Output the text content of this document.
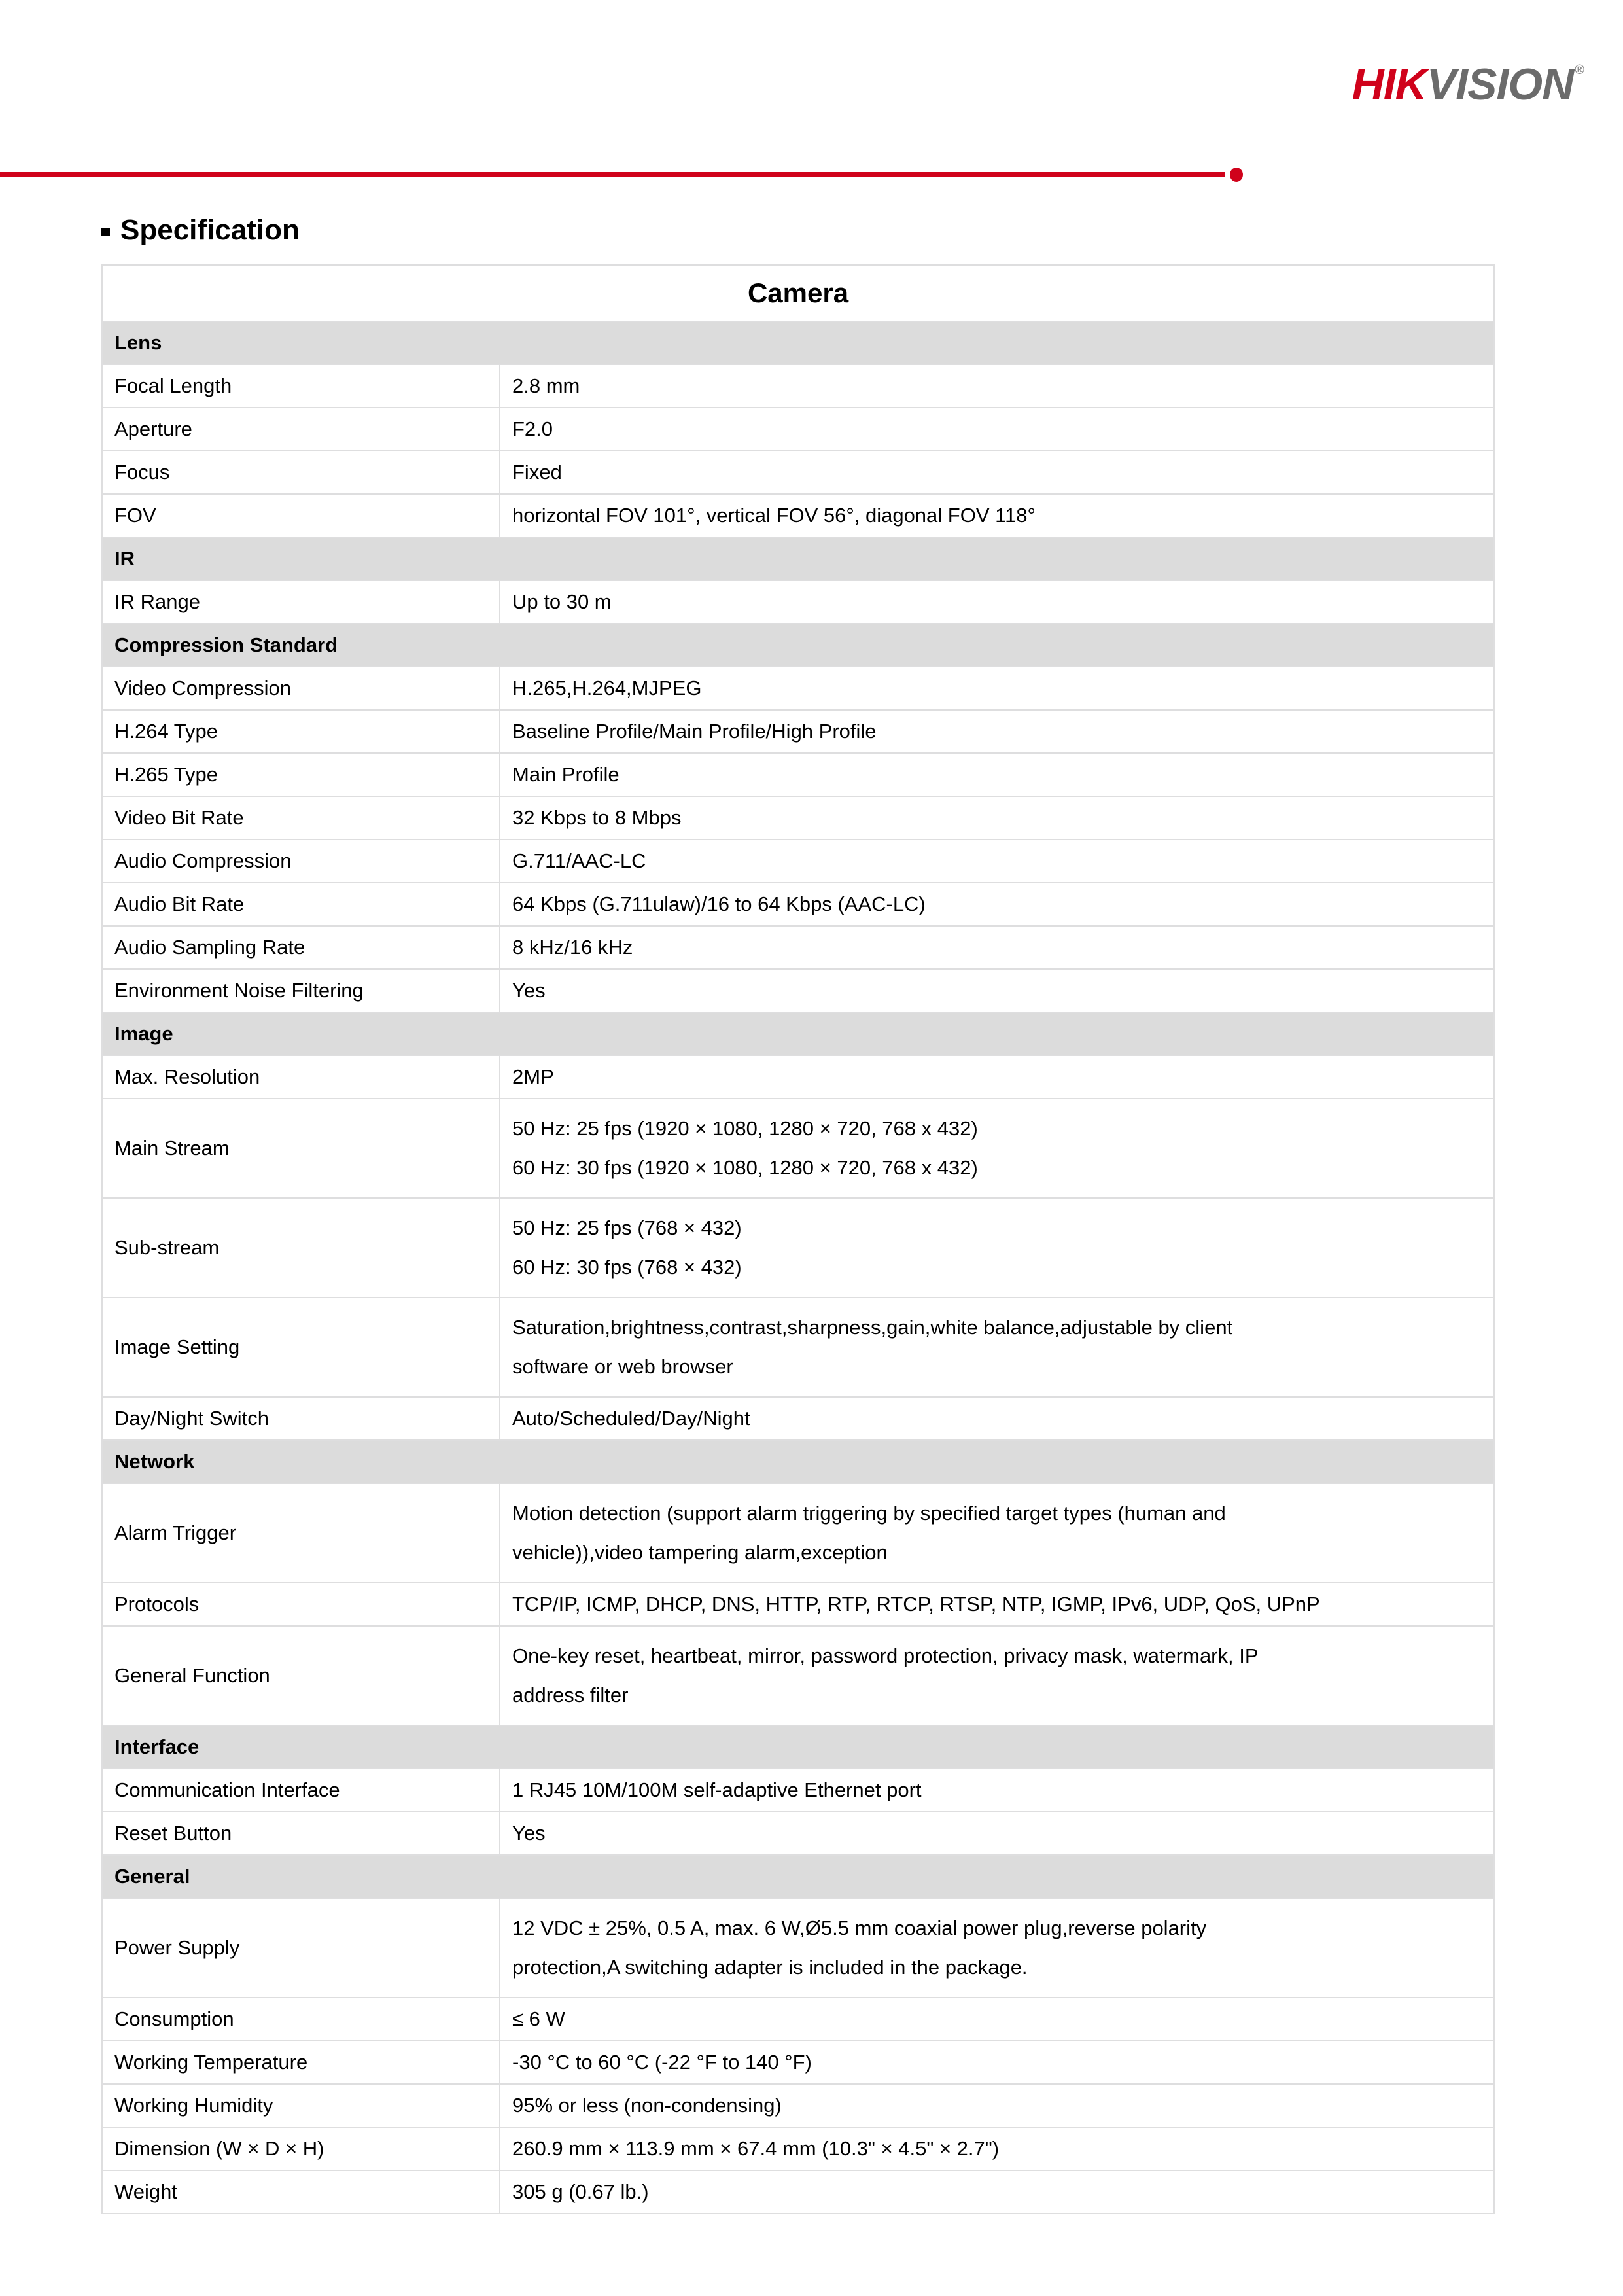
HIKVISION ®
Specification
Camera	
Lens	
Focal Length	2.8 mm
Aperture	F2.0
Focus	Fixed
FOV	horizontal FOV 101°, vertical FOV 56°, diagonal FOV 118°
IR	
IR Range	Up to 30 m
Compression Standard	
Video Compression	H.265,H.264,MJPEG
H.264 Type	Baseline Profile/Main Profile/High Profile
H.265 Type	Main Profile
Video Bit Rate	32 Kbps to 8 Mbps
Audio Compression	G.711/AAC-LC
Audio Bit Rate	64 Kbps (G.711ulaw)/16 to 64 Kbps (AAC-LC)
Audio Sampling Rate	8 kHz/16 kHz
Environment Noise Filtering	Yes
Image	
Max. Resolution	2MP
Main Stream	50 Hz: 25 fps (1920 × 1080, 1280 × 720, 768 x 432)
60 Hz: 30 fps (1920 × 1080, 1280 × 720, 768 x 432)

Sub-stream	50 Hz: 25 fps (768 × 432)
60 Hz: 30 fps (768 × 432)

Image Setting	Saturation,brightness,contrast,sharpness,gain,white balance,adjustable by client
software or web browser

Day/Night Switch	Auto/Scheduled/Day/Night
Network	
Alarm Trigger	Motion detection (support alarm triggering by specified target types (human and
vehicle)),video tampering alarm,exception

Protocols	TCP/IP, ICMP, DHCP, DNS, HTTP, RTP, RTCP, RTSP, NTP, IGMP, IPv6, UDP, QoS, UPnP
General Function	One-key reset, heartbeat, mirror, password protection, privacy mask, watermark, IP
address filter

Interface	
Communication Interface	1 RJ45 10M/100M self-adaptive Ethernet port
Reset Button	Yes
General	
Power Supply	12 VDC ± 25%, 0.5 A, max. 6 W,Ø5.5 mm coaxial power plug,reverse polarity
protection,A switching adapter is included in the package.

Consumption	≤ 6 W
Working Temperature	-30 °C to 60 °C (-22 °F to 140 °F)
Working Humidity	95% or less (non-condensing)
Dimension (W × D × H)	260.9 mm × 113.9 mm × 67.4 mm (10.3" × 4.5" × 2.7")
Weight	305 g (0.67 lb.)
